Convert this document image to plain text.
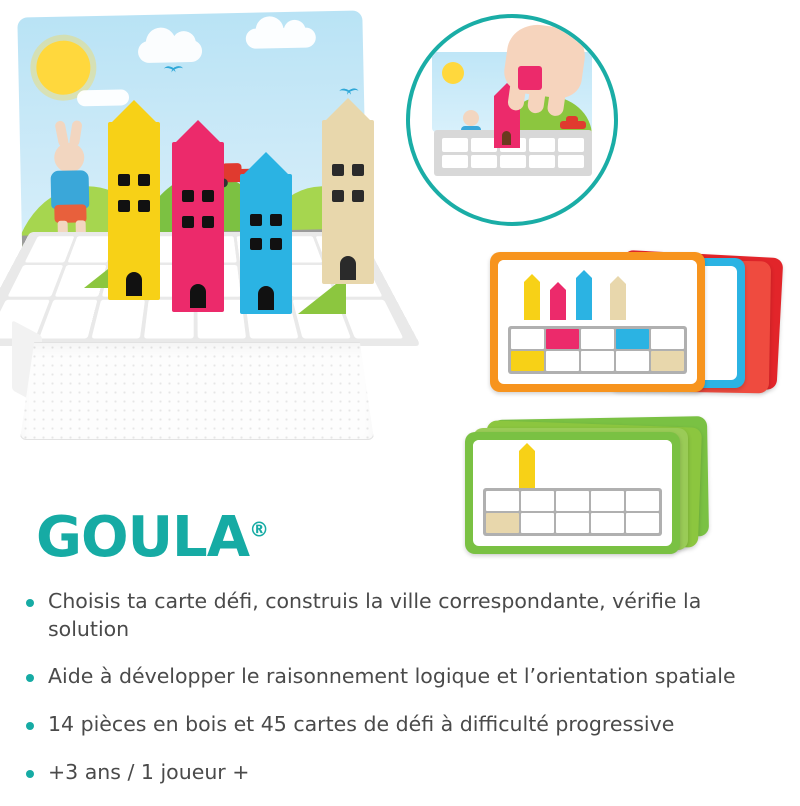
GOULA®
Choisis ta carte défi, construis la ville correspondante, vérifie la solution
Aide à développer le raisonnement logique et l’orientation spatiale
14 pièces en bois et 45 cartes de défi à difficulté progressive
+3 ans / 1 joueur +
